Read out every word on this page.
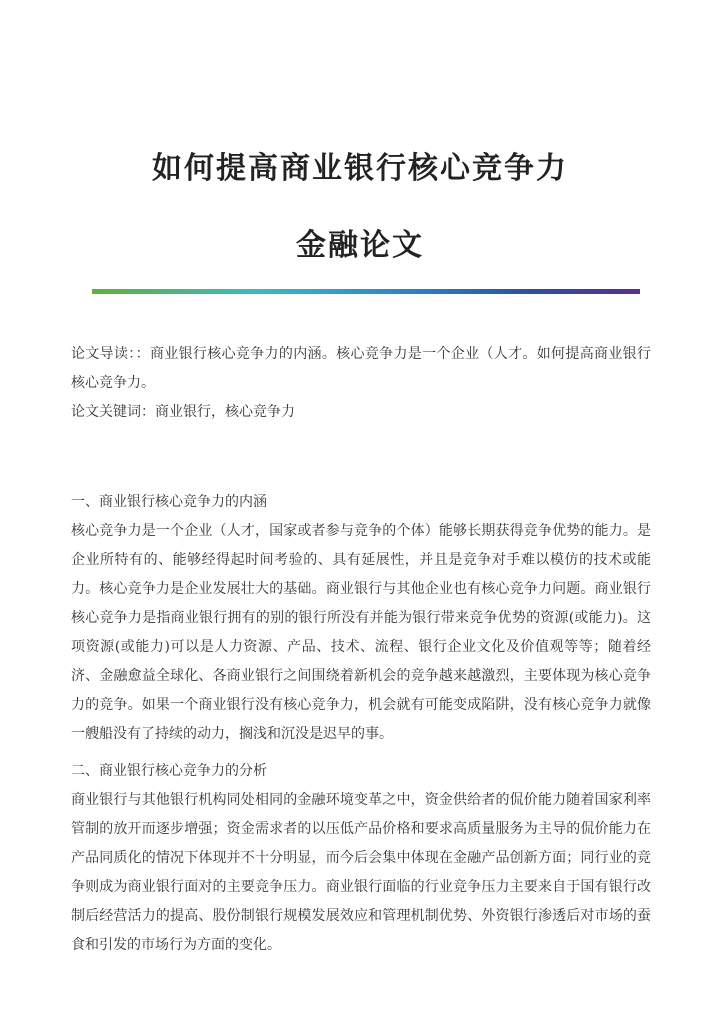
如何提高商业银行核心竞争力
金融论文

论文导读：：商业银行核心竞争力的内涵。核心竞争力是一个企业（人才。如何提高商业银行核心竞争力。

论文关键词：商业银行，核心竞争力

一、商业银行核心竞争力的内涵

核心竞争力是一个企业（人才，国家或者参与竞争的个体）能够长期获得竞争优势的能力。是企业所特有的、能够经得起时间考验的、具有延展性，并且是竞争对手难以模仿的技术或能力。核心竞争力是企业发展壮大的基础。商业银行与其他企业也有核心竞争力问题。商业银行核心竞争力是指商业银行拥有的别的银行所没有并能为银行带来竞争优势的资源(或能力)。这项资源(或能力)可以是人力资源、产品、技术、流程、银行企业文化及价值观等等；随着经济、金融愈益全球化、各商业银行之间围绕着新机会的竞争越来越激烈，主要体现为核心竞争力的竞争。如果一个商业银行没有核心竞争力，机会就有可能变成陷阱，没有核心竞争力就像一艘船没有了持续的动力，搁浅和沉没是迟早的事。

二、商业银行核心竞争力的分析

商业银行与其他银行机构同处相同的金融环境变革之中，资金供给者的侃价能力随着国家利率管制的放开而逐步增强；资金需求者的以压低产品价格和要求高质量服务为主导的侃价能力在产品同质化的情况下体现并不十分明显，而今后会集中体现在金融产品创新方面；同行业的竞争则成为商业银行面对的主要竞争压力。商业银行面临的行业竞争压力主要来自于国有银行改制后经营活力的提高、股份制银行规模发展效应和管理机制优势、外资银行渗透后对市场的蚕食和引发的市场行为方面的变化。
